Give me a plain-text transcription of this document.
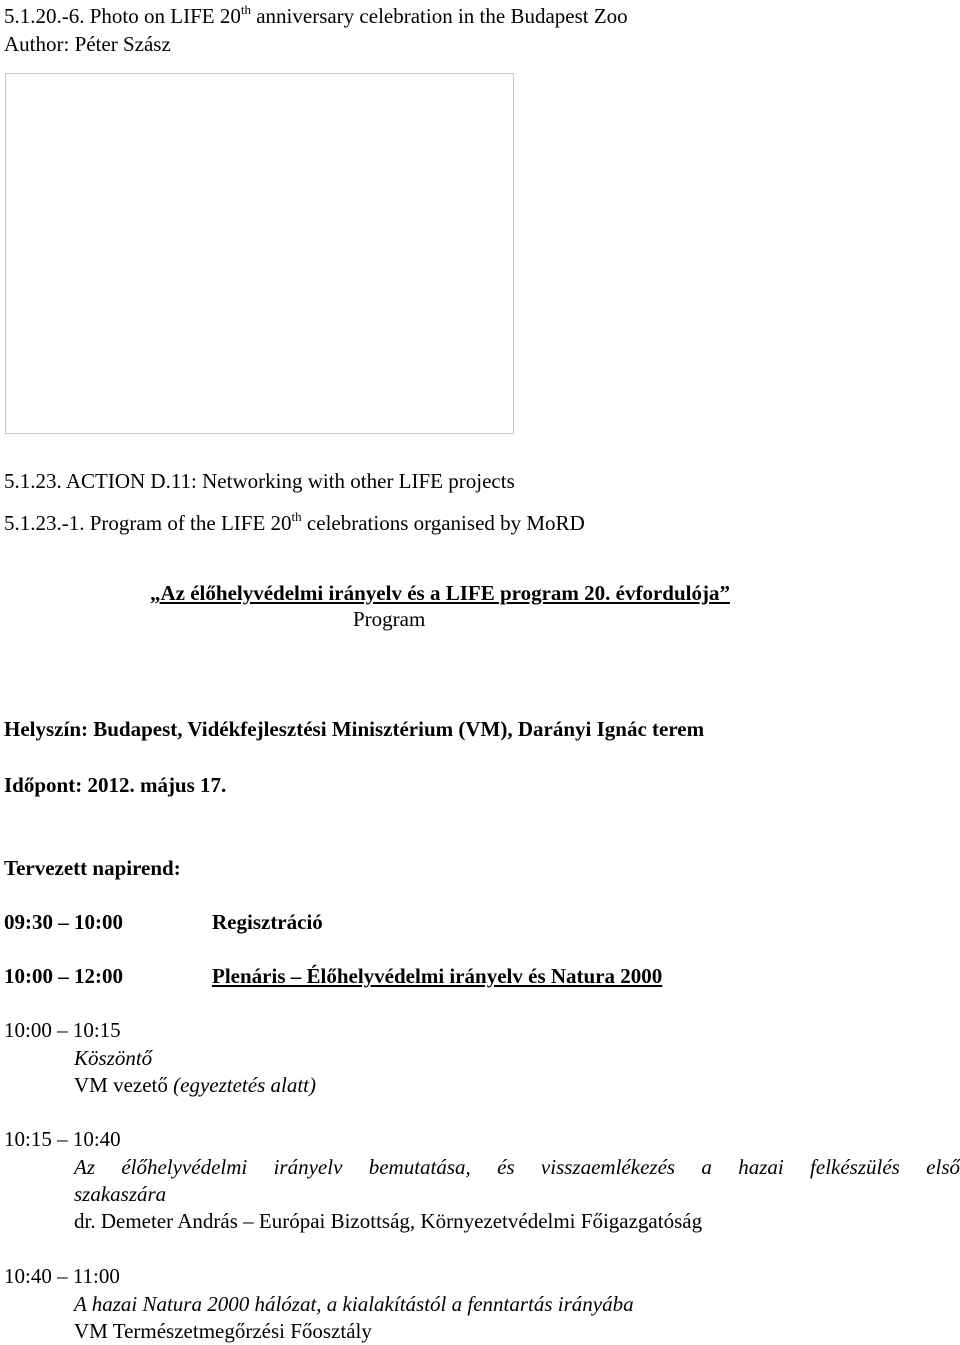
5.1.20.-6. Photo on LIFE 20th anniversary celebration in the Budapest Zoo
Author: Péter Szász
5.1.23. ACTION D.11: Networking with other LIFE projects
5.1.23.-1. Program of the LIFE 20th celebrations organised by MoRD
„Az élőhelyvédelmi irányelv és a LIFE program 20. évfordulója”
Program
Helyszín: Budapest, Vidékfejlesztési Minisztérium (VM), Darányi Ignác terem
Időpont: 2012. május 17.
Tervezett napirend:
09:30 – 10:00	Regisztráció
10:00 – 12:00	Plenáris – Élőhelyvédelmi irányelv és Natura 2000
10:00 – 10:15
Köszöntő
VM vezető (egyeztetés alatt)
10:15 – 10:40
Az élőhelyvédelmi irányelv bemutatása, és visszaemlékezés a hazai felkészülés első
szakaszára
dr. Demeter András – Európai Bizottság, Környezetvédelmi Főigazgatóság
10:40 – 11:00
A hazai Natura 2000 hálózat, a kialakítástól a fenntartás irányába
VM Természetmegőrzési Főosztály
